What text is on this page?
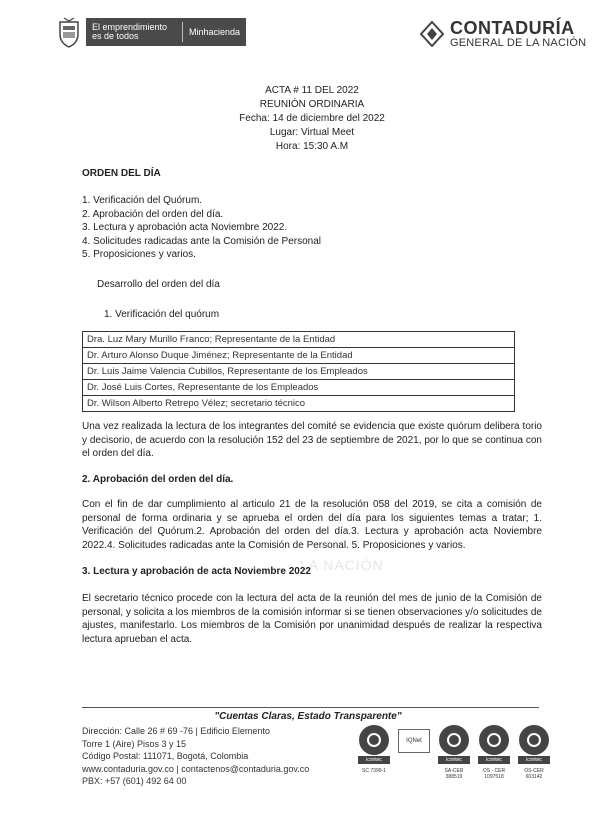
El emprendimiento es de todos	Minhacienda	CONTADURÍA
GENERAL DE LA NACIÓN
ACTA # 11 DEL 2022
REUNIÓN ORDINARIA
Fecha: 14 de diciembre del 2022
Lugar: Virtual Meet
Hora: 15:30 A.M
ORDEN DEL DÍA
1. Verificación del Quórum.
2. Aprobación del orden del día.
3. Lectura y aprobación acta Noviembre 2022.
4. Solicitudes radicadas ante la Comisión de Personal
5. Proposiciones y varios.
Desarrollo del orden del día
1. Verificación del quórum
Dra. Luz Mary Murillo Franco; Representante de la Entidad
Dr. Arturo Alonso Duque Jiménez; Representante de la Entidad
Dr. Luis Jaime Valencia Cubillos, Representante de los Empleados
Dr. José Luis Cortes, Representante de los Empleados
Dr. Wilson Alberto Retrepo Vélez; secretario técnico
Una vez realizada la lectura de los integrantes del comité se evidencia que existe quórum delibera torio y decisorio, de acuerdo con la resolución 152 del 23 de septiembre de 2021, por lo que se continua con el orden del día.
2. Aprobación del orden del día.
Con el fin de dar cumplimiento al articulo 21 de la resolución 058 del 2019, se cita a comisión de personal de forma ordinaria y se aprueba el orden del día para los siguientes temas a tratar; 1. Verificación del Quórum.2. Aprobación del orden del día.3. Lectura y aprobación acta Noviembre 2022.4. Solicitudes radicadas ante la Comisión de Personal. 5. Proposiciones y varios.
LA NACIÓN
3. Lectura y aprobación de acta Noviembre 2022
El secretario técnico procede con la lectura del acta de la reunión del mes de junio de la Comisión de personal, y solicita a los miembros de la comisión informar si se tienen observaciones y/o solicitudes de ajustes, manifestarlo. Los miembros de la Comisión por unanimidad después de realizar la respectiva lectura aprueban el acta.
"Cuentas Claras, Estado Transparente"
Dirección: Calle 26 # 69 -76 | Edificio Elemento
Torre 1 (Aire) Pisos 3 y 15
Código Postal: 111071, Bogotá, Colombia
www.contaduria.gov.co | contactenos@contaduria.gov.co
PBX: +57 (601) 492 64 00
icontec
SC 7399-1
IQNet
icontec
SA-CER 388519
icontec
OS - CER 1097518
icontec
OS-CER 603142
